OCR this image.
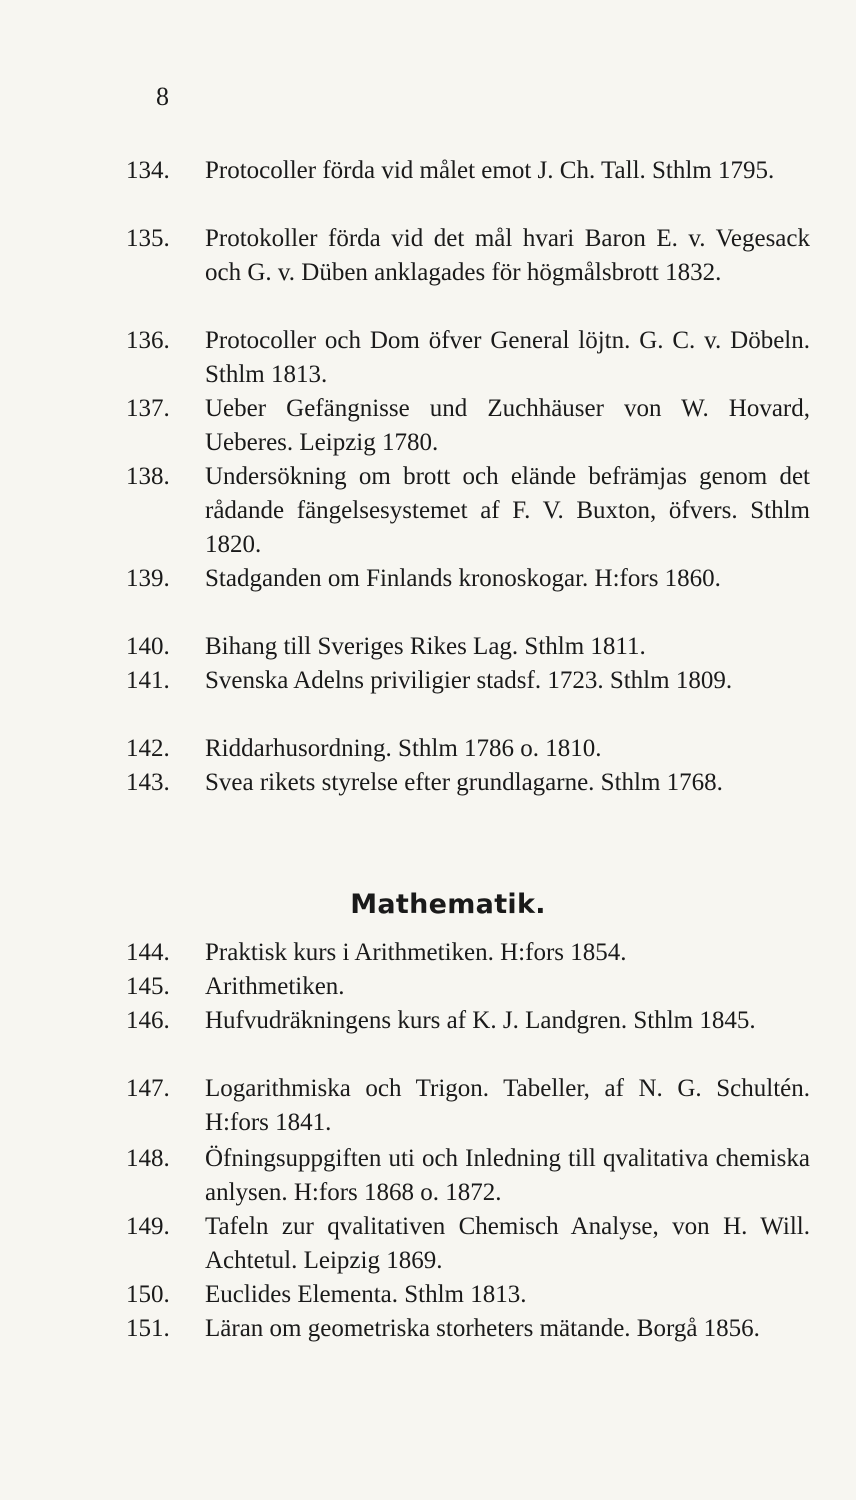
8
134.	Protocoller förda vid målet emot J. Ch. Tall. Sthlm 1795.
135.	Protokoller förda vid det mål hvari Baron E. v. Vegesack och G. v. Düben anklagades för högmålsbrott 1832.
136.	Protocoller och Dom öfver General löjtn. G. C. v. Döbeln. Sthlm 1813.
137.	Ueber Gefängnisse und Zuchhäuser von W. Hovard, Ueberes. Leipzig 1780.
138.	Undersökning om brott och elände befrämjas genom det rådande fängelsesystemet af F. V. Buxton, öfvers. Sthlm 1820.
139.	Stadganden om Finlands kronoskogar. H:fors 1860.
140.	Bihang till Sveriges Rikes Lag. Sthlm 1811.
141.	Svenska Adelns priviligier stadsf. 1723. Sthlm 1809.
142.	Riddarhusordning. Sthlm 1786 o. 1810.
143.	Svea rikets styrelse efter grundlagarne. Sthlm 1768.
Mathematik.
144.	Praktisk kurs i Arithmetiken. H:fors 1854.
145.	Arithmetiken.
146.	Hufvudräkningens kurs af K. J. Landgren. Sthlm 1845.
147.	Logarithmiska och Trigon. Tabeller, af N. G. Schultén. H:fors 1841.
148.	Öfningsuppgiften uti och Inledning till qvalitativa chemiska anlysen. H:fors 1868 o. 1872.
149.	Tafeln zur qvalitativen Chemisch Analyse, von H. Will. Achtetul. Leipzig 1869.
150.	Euclides Elementa. Sthlm 1813.
151.	Läran om geometriska storheters mätande. Borgå 1856.
